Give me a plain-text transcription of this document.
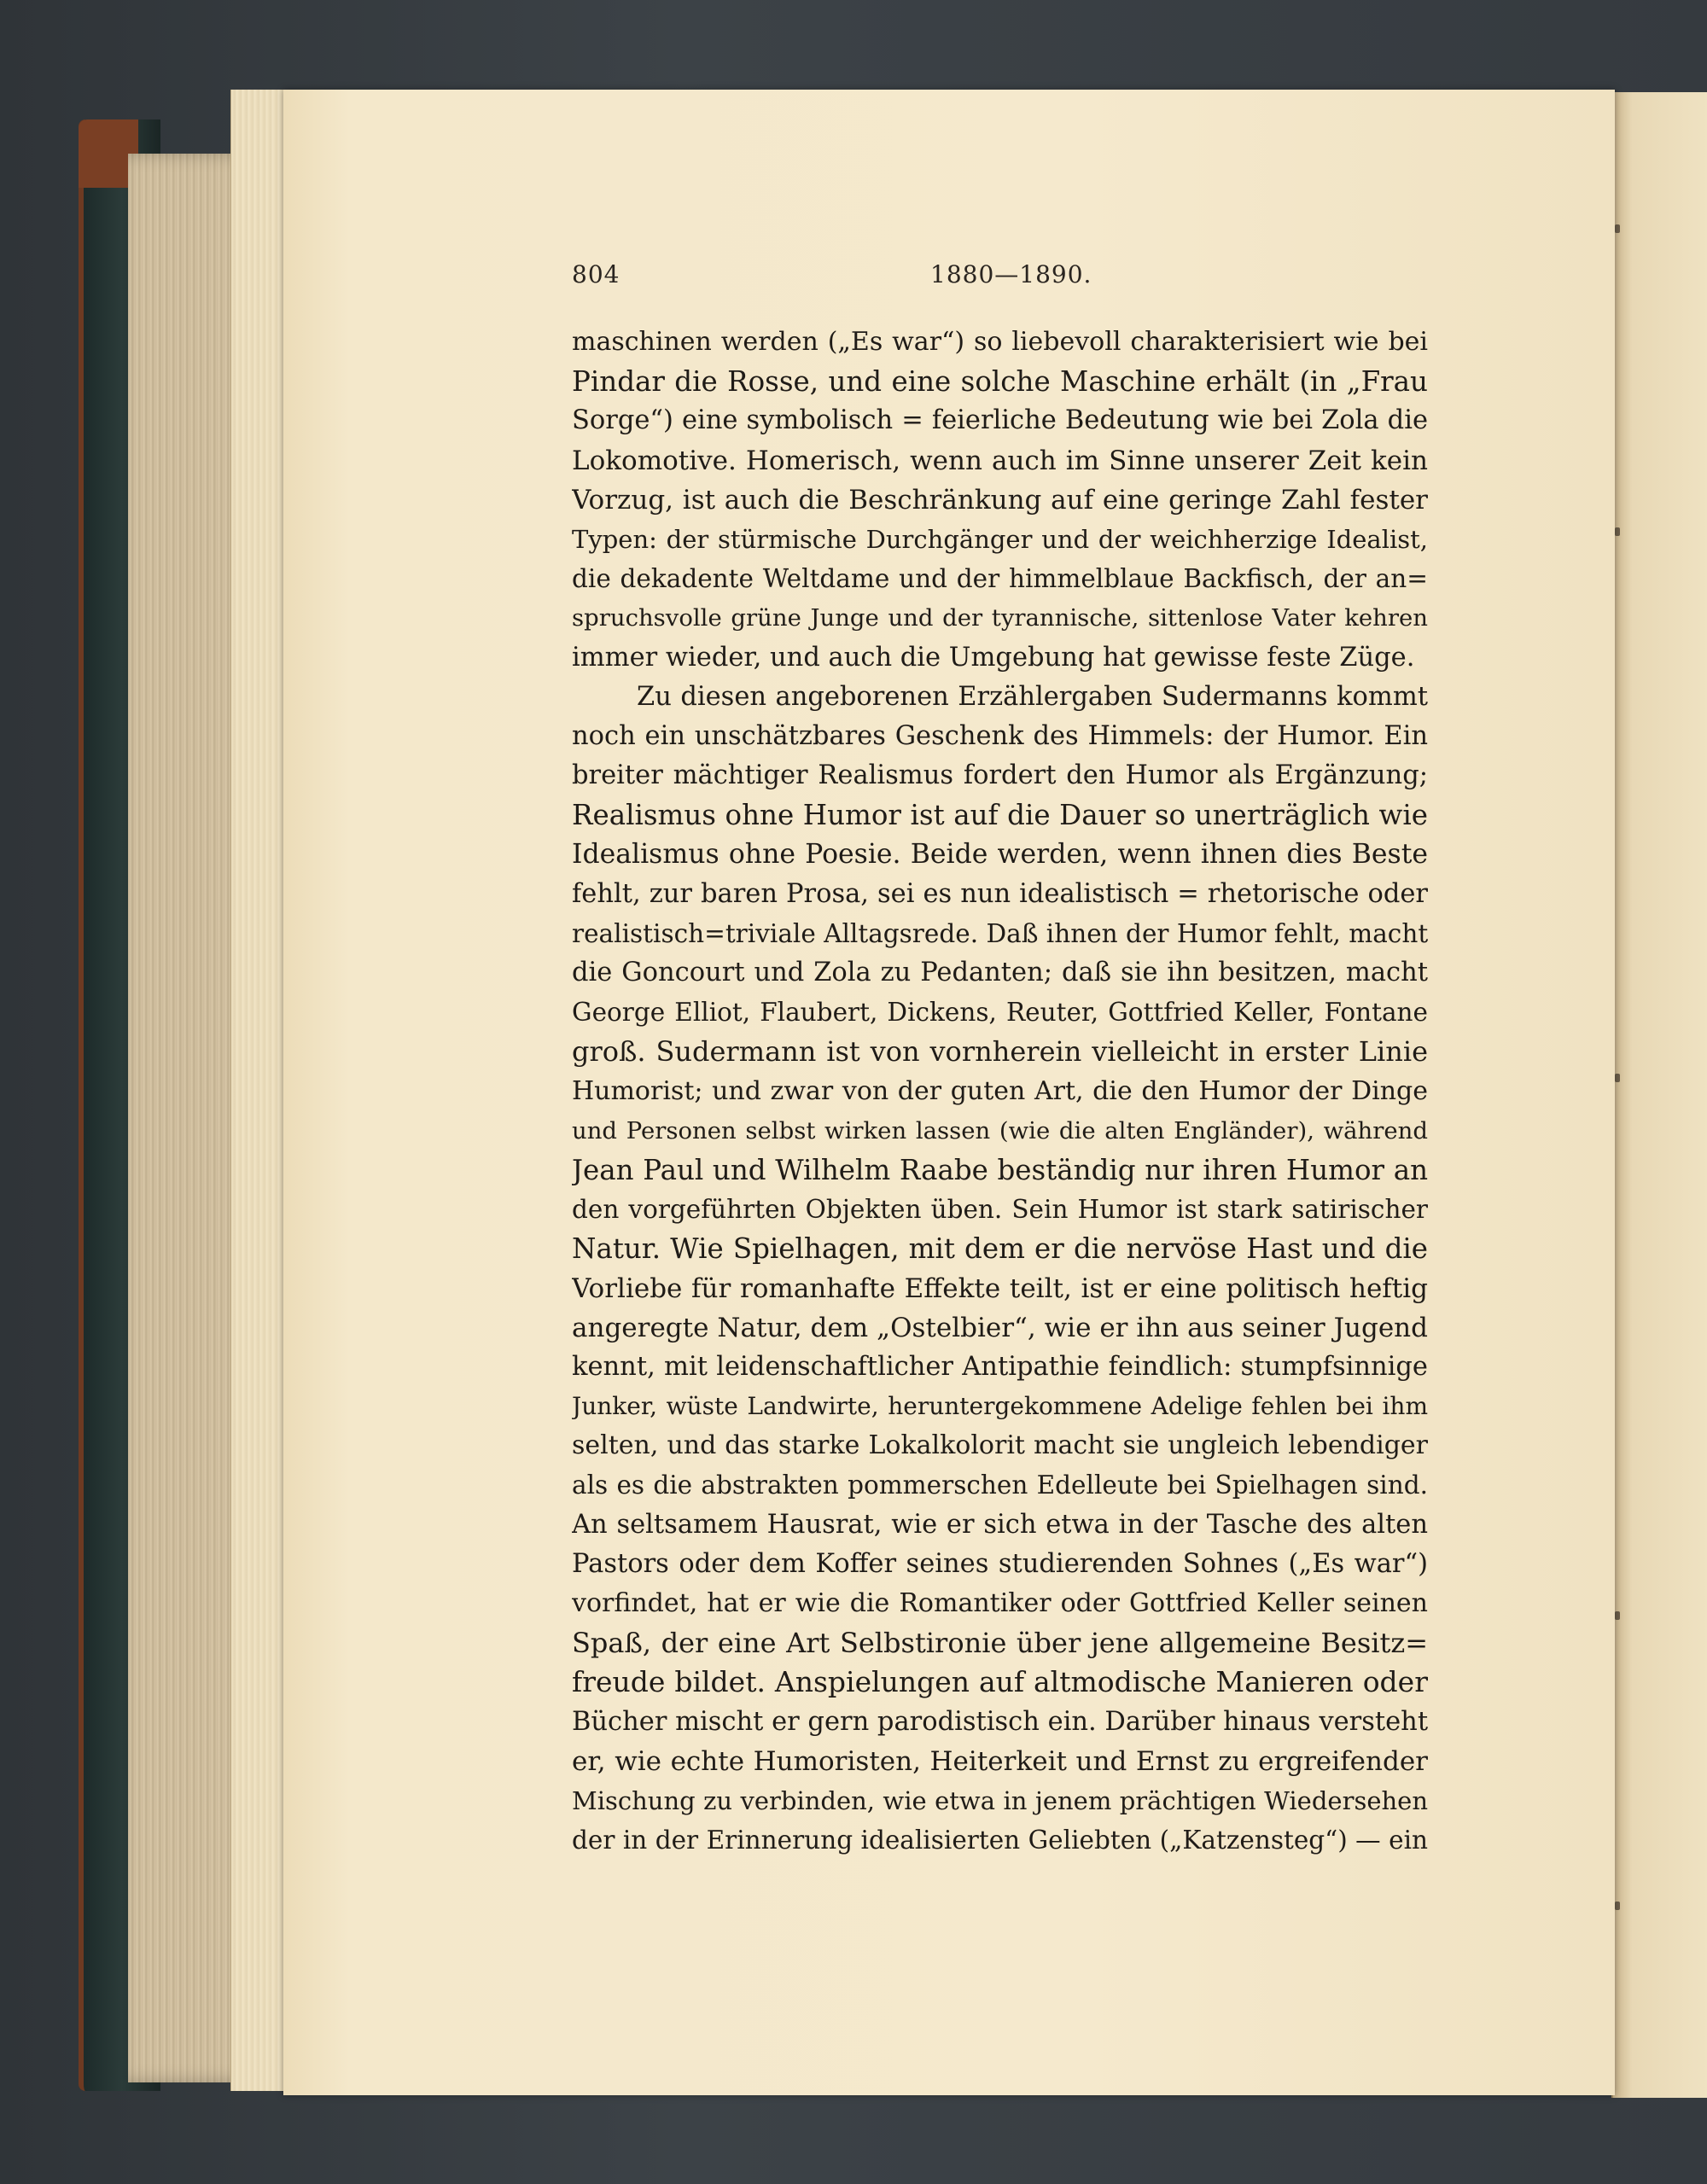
804	1880—1890.
maschinen werden („Es war“) so liebevoll charakterisiert wie bei
Pindar die Rosse, und eine solche Maschine erhält (in „Frau
Sorge“) eine symbolisch = feierliche Bedeutung wie bei Zola die
Lokomotive. Homerisch, wenn auch im Sinne unserer Zeit kein
Vorzug, ist auch die Beschränkung auf eine geringe Zahl fester
Typen: der stürmische Durchgänger und der weichherzige Idealist,
die dekadente Weltdame und der himmelblaue Backfisch, der an=
spruchsvolle grüne Junge und der tyrannische, sittenlose Vater kehren
immer wieder, und auch die Umgebung hat gewisse feste Züge.
Zu diesen angeborenen Erzählergaben Sudermanns kommt
noch ein unschätzbares Geschenk des Himmels: der Humor. Ein
breiter mächtiger Realismus fordert den Humor als Ergänzung;
Realismus ohne Humor ist auf die Dauer so unerträglich wie
Idealismus ohne Poesie. Beide werden, wenn ihnen dies Beste
fehlt, zur baren Prosa, sei es nun idealistisch = rhetorische oder
realistisch=triviale Alltagsrede. Daß ihnen der Humor fehlt, macht
die Goncourt und Zola zu Pedanten; daß sie ihn besitzen, macht
George Elliot, Flaubert, Dickens, Reuter, Gottfried Keller, Fontane
groß. Sudermann ist von vornherein vielleicht in erster Linie
Humorist; und zwar von der guten Art, die den Humor der Dinge
und Personen selbst wirken lassen (wie die alten Engländer), während
Jean Paul und Wilhelm Raabe beständig nur ihren Humor an
den vorgeführten Objekten üben. Sein Humor ist stark satirischer
Natur. Wie Spielhagen, mit dem er die nervöse Hast und die
Vorliebe für romanhafte Effekte teilt, ist er eine politisch heftig
angeregte Natur, dem „Ostelbier“, wie er ihn aus seiner Jugend
kennt, mit leidenschaftlicher Antipathie feindlich: stumpfsinnige
Junker, wüste Landwirte, heruntergekommene Adelige fehlen bei ihm
selten, und das starke Lokalkolorit macht sie ungleich lebendiger
als es die abstrakten pommerschen Edelleute bei Spielhagen sind.
An seltsamem Hausrat, wie er sich etwa in der Tasche des alten
Pastors oder dem Koffer seines studierenden Sohnes („Es war“)
vorfindet, hat er wie die Romantiker oder Gottfried Keller seinen
Spaß, der eine Art Selbstironie über jene allgemeine Besitz=
freude bildet. Anspielungen auf altmodische Manieren oder
Bücher mischt er gern parodistisch ein. Darüber hinaus versteht
er, wie echte Humoristen, Heiterkeit und Ernst zu ergreifender
Mischung zu verbinden, wie etwa in jenem prächtigen Wiedersehen
der in der Erinnerung idealisierten Geliebten („Katzensteg“) — ein
